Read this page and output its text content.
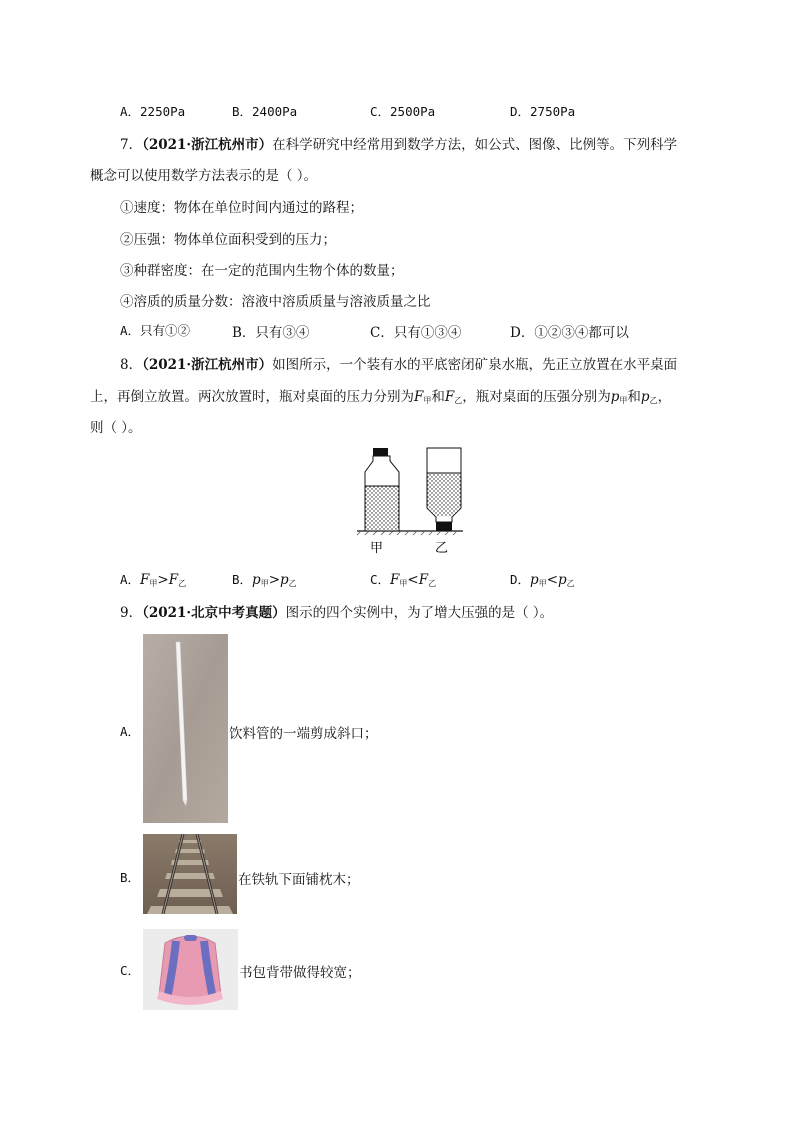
A．2250Pa	B．2400Pa	C．2500Pa	D．2750Pa
7．（2021·浙江杭州市）在科学研究中经常用到数学方法，如公式、图像、比例等。下列科学
概念可以使用数学方法表示的是（ ）。
①速度：物体在单位时间内通过的路程；
②压强：物体单位面积受到的压力；
③种群密度：在一定的范围内生物个体的数量；
④溶质的质量分数：溶液中溶质质量与溶液质量之比
A．只有①②	B．只有③④	C．只有①③④	D．①②③④都可以
8．（2021·浙江杭州市）如图所示，一个装有水的平底密闭矿泉水瓶，先正立放置在水平桌面
上，再倒立放置。两次放置时，瓶对桌面的压力分别为$F_甲$和$F_乙$，瓶对桌面的压强分别为$p_甲$和$p_乙$，
则（ ）。
甲	乙
A．$F_甲>F_乙$	B．$p_甲>p_乙$	C．$F_甲<F_乙$	D．$p_甲<p_乙$
9．（2021·北京中考真题）图示的四个实例中，为了增大压强的是（ ）。
A．	饮料管的一端剪成斜口；
B．	在铁轨下面铺枕木；
C．	书包背带做得较宽；
